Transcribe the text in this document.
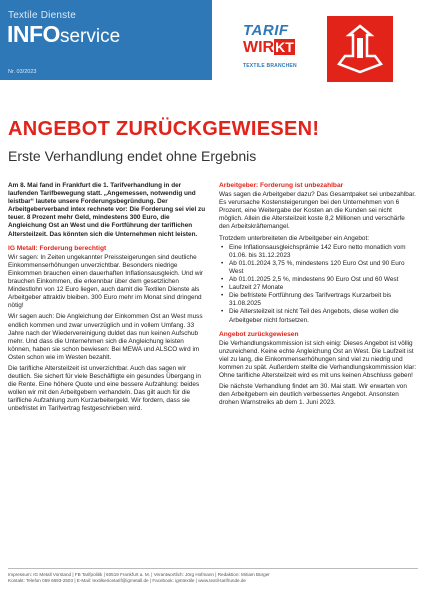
Textile Dienste
INFOservice
Nr. 03/2023
TARIF
WIRKT
TEXTILE BRANCHEN
ANGEBOT ZURÜCKGEWIESEN!
Erste Verhandlung endet ohne Ergebnis

Am 8. Mai fand in Frankfurt die 1. Tarifverhandlung in der laufenden Tarifbewegung statt. „Angemessen, notwendig und leistbar“ lautete unsere Forderungsbegründung. Der Arbeitgeberverband intex rechnete vor: Die Forderung sei viel zu teuer. 8 Prozent mehr Geld, mindestens 300 Euro, die Angleichung Ost an West und die Fortführung der tariflichen Altersteilzeit. Das könnten sich die Unternehmen nicht leisten.

IG Metall: Forderung berechtigt

Wir sagen: In Zeiten ungekannter Preissteigerungen sind deutliche Einkommenserhöhungen unverzichtbar. Besonders niedrige Einkommen brauchen einen dauerhaften Inflationsausgleich. Und wir brauchen Einkommen, die erkennbar über dem gesetzlichen Mindestlohn von 12 Euro liegen, auch damit die Textilen Dienste als Arbeitgeber attraktiv bleiben. 300 Euro mehr im Monat sind dringend nötig!

Wir sagen auch: Die Angleichung der Einkommen Ost an West muss endlich kommen und zwar unverzüglich und in vollem Umfang. 33 Jahre nach der Wiedervereinigung duldet das nun keinen Aufschub mehr. Und dass die Unternehmen sich die Angleichung leisten können, haben sie schon bewiesen: Bei MEWA und ALSCO wird im Osten schon wie im Westen bezahlt.

Die tarifliche Altersteilzeit ist unverzichtbar. Auch das sagen wir deutlich. Sie sichert für viele Beschäftigte ein gesundes Übergang in die Rente. Eine höhere Quote und eine bessere Aufzahlung: beides wollen wir mit den Arbeitgebern verhandeln. Das gilt auch für die tarifliche Aufzahlung zum Kurzarbeitergeld. Wir fordern, dass sie unbefristet im Tarifvertrag festgeschrieben wird.

Arbeitgeber: Forderung ist unbezahlbar

Was sagen die Arbeitgeber dazu? Das Gesamtpaket sei unbezahlbar. Es verursache Kostensteigerungen bei den Unternehmen von 6 Prozent, eine Weitergabe der Kosten an die Kunden sei nicht möglich. Allein die Altersteilzeit koste 8,2 Millionen und verschärfe den Arbeitskräftemangel.

Trotzdem unterbreiteten die Arbeitgeber ein Angebot:

• Eine Inflationsausgleichsprämie 142 Euro netto monatlich vom 01.06. bis 31.12.2023
• Ab 01.01.2024 3,75 %, mindestens 120 Euro Ost und 90 Euro West
• Ab 01.01.2025 2,5 %, mindestens 90 Euro Ost und 60 West
• Laufzeit 27 Monate
• Die befristete Fortführung des Tarifvertrags Kurzarbeit bis 31.08.2025
• Die Altersteilzeit ist nicht Teil des Angebots, diese wollen die Arbeitgeber nicht fortsetzen.
Angebot zurückgewiesen

Die Verhandlungskommission ist sich einig: Dieses Angebot ist völlig unzureichend. Keine echte Angleichung Ost an West. Die Laufzeit ist viel zu lang, die Einkommenserhöhungen sind viel zu niedrig und kommen zu spät. Außerdem stellte die Verhandlungskommission klar: Ohne tarifliche Altersteilzeit wird es mit uns keinen Abschluss geben!

Die nächste Verhandlung findet am 30. Mai statt. Wir erwarten von den Arbeitgebern ein deutlich verbessertes Angebot. Ansonsten drohen Warnstreiks ab dem 1. Juni 2023.

Impressum: IG Metall Vorstand | FB Tarifpolitik | 60519 Frankfurt a. M. | Verantwortlich: Jörg Hofmann | Redaktion: Miriam Bürger
Kontakt: Telefon 069 6693-2503 | E-Mail: textilsericetarif@igmetall.de | Facebook: igmtextile | www.textil-tarifrunde.de
